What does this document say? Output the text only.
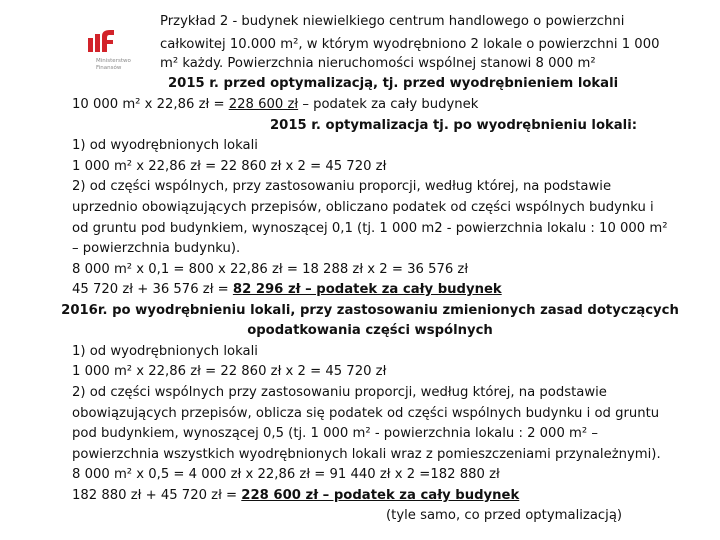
Ministerstwo
Finansów
Przykład 2 - budynek niewielkiego centrum handlowego o powierzchni
całkowitej 10.000 m², w którym wyodrębniono 2 lokale o powierzchni 1 000
m² każdy. Powierzchnia nieruchomości wspólnej stanowi 8 000 m²
2015 r. przed optymalizacją, tj. przed wyodrębnieniem lokali
10 000 m² x 22,86 zł = 228 600 zł – podatek za cały budynek
2015 r. optymalizacja tj. po wyodrębnieniu lokali:
1) od wyodrębnionych lokali
1 000 m² x 22,86 zł = 22 860 zł x 2 = 45 720 zł
2) od części wspólnych, przy zastosowaniu proporcji, według której, na podstawie
uprzednio obowiązujących przepisów, obliczano podatek od części wspólnych budynku i
od gruntu pod budynkiem, wynoszącej 0,1 (tj. 1 000 m2 - powierzchnia lokalu : 10 000 m²
– powierzchnia budynku).
8 000 m² x 0,1 = 800 x 22,86 zł = 18 288 zł x 2 = 36 576 zł
45 720 zł + 36 576 zł = 82 296 zł – podatek za cały budynek
2016r. po wyodrębnieniu lokali, przy zastosowaniu zmienionych zasad dotyczących
opodatkowania części wspólnych
1) od wyodrębnionych lokali
1 000 m² x 22,86 zł = 22 860 zł x 2 = 45 720 zł
2) od części wspólnych przy zastosowaniu proporcji, według której, na podstawie
obowiązujących przepisów, oblicza się podatek od części wspólnych budynku i od gruntu
pod budynkiem, wynoszącej 0,5 (tj. 1 000 m² - powierzchnia lokalu : 2 000 m² –
powierzchnia wszystkich wyodrębnionych lokali wraz z pomieszczeniami przynależnymi).
8 000 m² x 0,5 = 4 000 zł x 22,86 zł = 91 440 zł x 2 =182 880 zł
182 880 zł + 45 720 zł = 228 600 zł – podatek za cały budynek
(tyle samo, co przed optymalizacją)
